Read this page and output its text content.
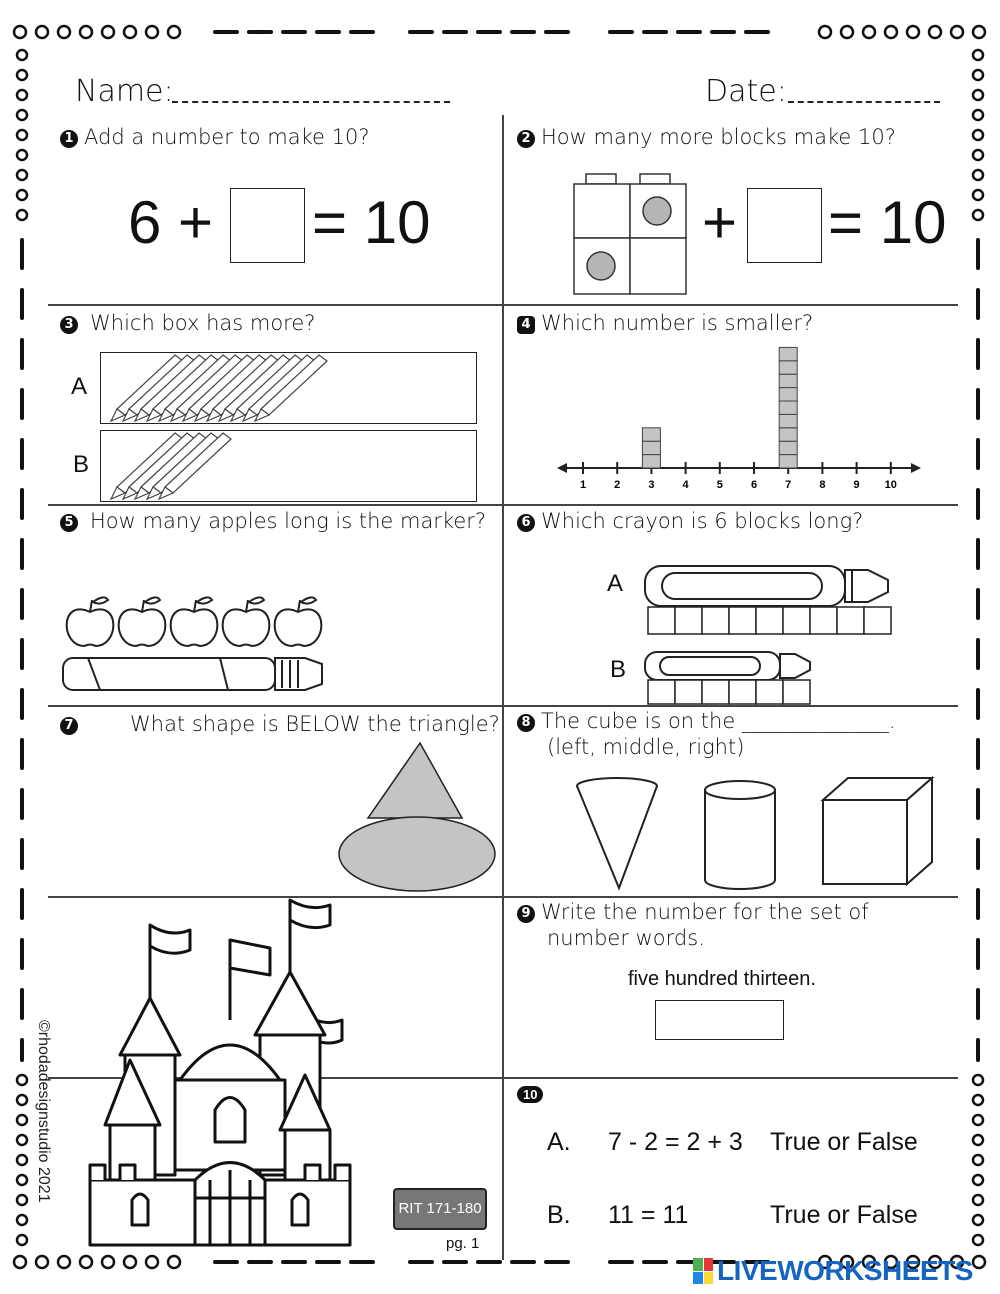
Name:	Date:
1 Add a number to make 10?
6 + = 10
2 How many more blocks make 10?
+ = 10
3 Which box has more?
A
B
4 Which number is smaller?
1	2	3	4	5	6	7	8	9 10
5 How many apples long is the marker?	6 Which crayon is 6 blocks long?
A
B
7	What shape is BELOW the triangle?	8 The cube is on the ______________.
(left, middle, right)
9 Write the number for the set of
number words.
five hundred thirteen.
10
A. 7 - 2 = 2 + 3 True or False
B. 11 = 11	True or False
©rhodadesignstudio 2021
RIT 171-180
pg. 1
LIVEWORKSHEETS
